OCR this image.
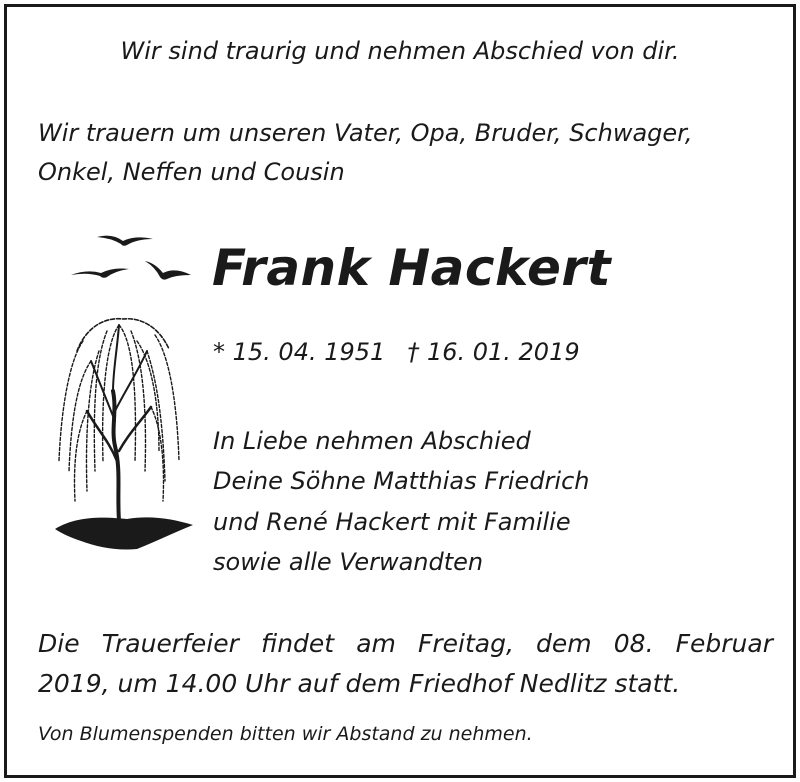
Wir sind traurig und nehmen Abschied von dir.

Wir trauern um unseren Vater, Opa, Bruder, Schwager,

Onkel, Neffen und Cousin

Frank Hackert

* 15. 04. 1951 † 16. 01. 2019

In Liebe nehmen Abschied

Deine Söhne Matthias Friedrich

und René Hackert mit Familie

sowie alle Verwandten

Die Trauerfeier findet am Freitag, dem 08. Februar

2019, um 14.00 Uhr auf dem Friedhof Nedlitz statt.

Von Blumenspenden bitten wir Abstand zu nehmen.
